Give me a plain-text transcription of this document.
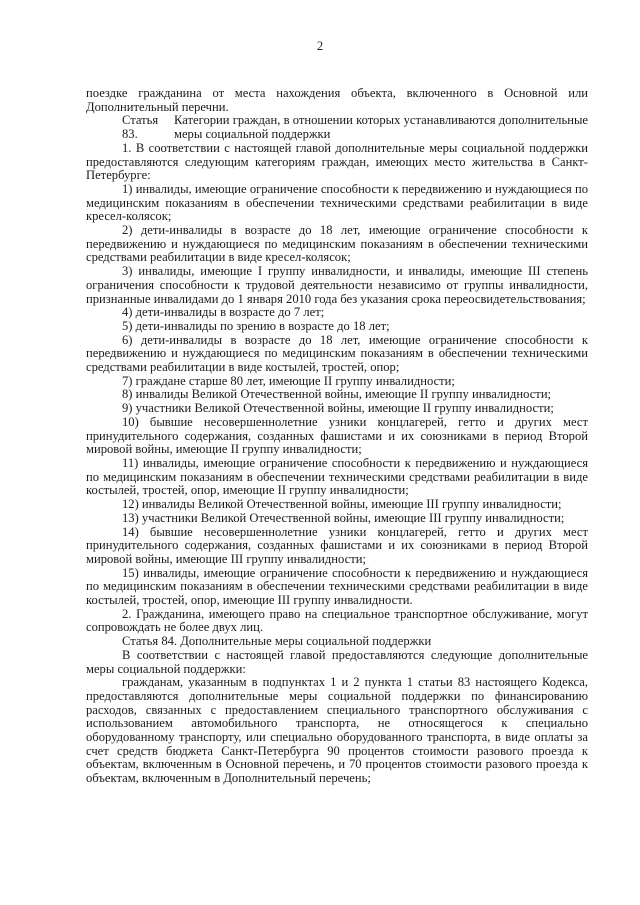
2

поездке гражданина от места нахождения объекта, включенного в Основной или Дополнительный перечни.

Статья 83.
Категории граждан, в отношении которых устанавливаются дополнительные меры социальной поддержки

1. В соответствии с настоящей главой дополнительные меры социальной поддержки предоставляются следующим категориям граждан, имеющих место жительства в Санкт-Петербурге:

1) инвалиды, имеющие ограничение способности к передвижению и нуждающиеся по медицинским показаниям в обеспечении техническими средствами реабилитации в виде кресел-колясок;

2) дети-инвалиды в возрасте до 18 лет, имеющие ограничение способности к передвижению и нуждающиеся по медицинским показаниям в обеспечении техническими средствами реабилитации в виде кресел-колясок;

3) инвалиды, имеющие I группу инвалидности, и инвалиды, имеющие III степень ограничения способности к трудовой деятельности независимо от группы инвалидности, признанные инвалидами до 1 января 2010 года без указания срока переосвидетельствования;

4) дети-инвалиды в возрасте до 7 лет;

5) дети-инвалиды по зрению в возрасте до 18 лет;

6) дети-инвалиды в возрасте до 18 лет, имеющие ограничение способности к передвижению и нуждающиеся по медицинским показаниям в обеспечении техническими средствами реабилитации в виде костылей, тростей, опор;

7) граждане старше 80 лет, имеющие II группу инвалидности;

8) инвалиды Великой Отечественной войны, имеющие II группу инвалидности;

9) участники Великой Отечественной войны, имеющие II группу инвалидности;

10) бывшие несовершеннолетние узники концлагерей, гетто и других мест принудительного содержания, созданных фашистами и их союзниками в период Второй мировой войны, имеющие II группу инвалидности;

11) инвалиды, имеющие ограничение способности к передвижению и нуждающиеся по медицинским показаниям в обеспечении техническими средствами реабилитации в виде костылей, тростей, опор, имеющие II группу инвалидности;

12) инвалиды Великой Отечественной войны, имеющие III группу инвалидности;

13) участники Великой Отечественной войны, имеющие III группу инвалидности;

14) бывшие несовершеннолетние узники концлагерей, гетто и других мест принудительного содержания, созданных фашистами и их союзниками в период Второй мировой войны, имеющие III группу инвалидности;

15) инвалиды, имеющие ограничение способности к передвижению и нуждающиеся по медицинским показаниям в обеспечении техническими средствами реабилитации в виде костылей, тростей, опор, имеющие III группу инвалидности.

2. Гражданина, имеющего право на специальное транспортное обслуживание, могут сопровождать не более двух лиц.

Статья 84. Дополнительные меры социальной поддержки

В соответствии с настоящей главой предоставляются следующие дополнительные меры социальной поддержки:

гражданам, указанным в подпунктах 1 и 2 пункта 1 статьи 83 настоящего Кодекса, предоставляются дополнительные меры социальной поддержки по финансированию расходов, связанных с предоставлением специального транспортного обслуживания с использованием автомобильного транспорта, не относящегося к специально оборудованному транспорту, или специально оборудованного транспорта, в виде оплаты за счет средств бюджета Санкт-Петербурга 90 процентов стоимости разового проезда к объектам, включенным в Основной перечень, и 70 процентов стоимости разового проезда к объектам, включенным в Дополнительный перечень;
